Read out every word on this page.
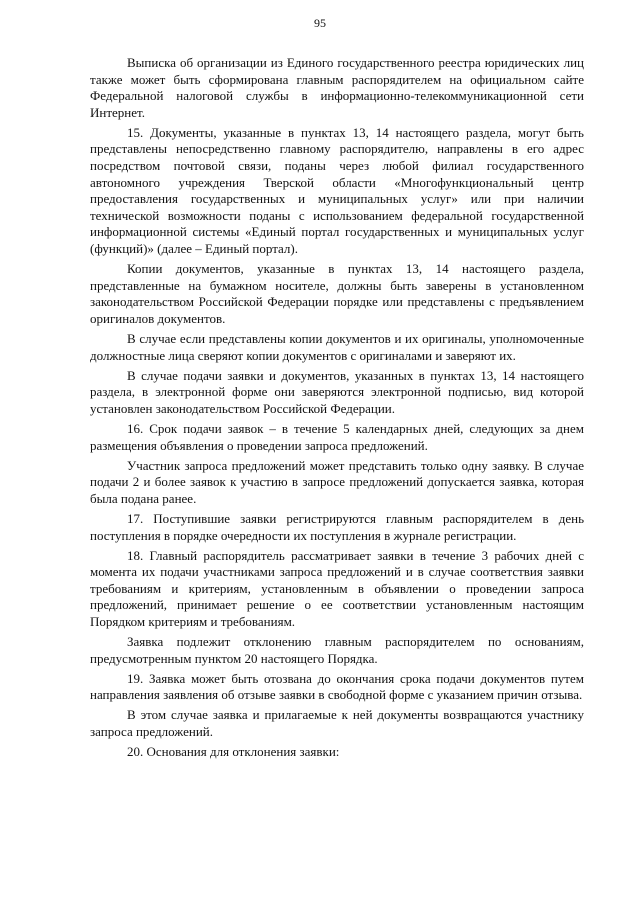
95

Выписка об организации из Единого государственного реестра юридических лиц также может быть сформирована главным распорядителем на официальном сайте Федеральной налоговой службы в информационно-телекоммуникационной сети Интернет.

15. Документы, указанные в пунктах 13, 14 настоящего раздела, могут быть представлены непосредственно главному распорядителю, направлены в его адрес посредством почтовой связи, поданы через любой филиал государственного автономного учреждения Тверской области «Многофункциональный центр предоставления государственных и муниципальных услуг» или при наличии технической возможности поданы с использованием федеральной государственной информационной системы «Единый портал государственных и муниципальных услуг (функций)» (далее – Единый портал).

Копии документов, указанные в пунктах 13, 14 настоящего раздела, представленные на бумажном носителе, должны быть заверены в установленном законодательством Российской Федерации порядке или представлены с предъявлением оригиналов документов.

В случае если представлены копии документов и их оригиналы, уполномоченные должностные лица сверяют копии документов с оригиналами и заверяют их.

В случае подачи заявки и документов, указанных в пунктах 13, 14 настоящего раздела, в электронной форме они заверяются электронной подписью, вид которой установлен законодательством Российской Федерации.

16. Срок подачи заявок – в течение 5 календарных дней, следующих за днем размещения объявления о проведении запроса предложений.

Участник запроса предложений может представить только одну заявку. В случае подачи 2 и более заявок к участию в запросе предложений допускается заявка, которая была подана ранее.

17. Поступившие заявки регистрируются главным распорядителем в день поступления в порядке очередности их поступления в журнале регистрации.

18. Главный распорядитель рассматривает заявки в течение 3 рабочих дней с момента их подачи участниками запроса предложений и в случае соответствия заявки требованиям и критериям, установленным в объявлении о проведении запроса предложений, принимает решение о ее соответствии установленным настоящим Порядком критериям и требованиям.

Заявка подлежит отклонению главным распорядителем по основаниям, предусмотренным пунктом 20 настоящего Порядка.

19. Заявка может быть отозвана до окончания срока подачи документов путем направления заявления об отзыве заявки в свободной форме с указанием причин отзыва.

В этом случае заявка и прилагаемые к ней документы возвращаются участнику запроса предложений.

20. Основания для отклонения заявки:
